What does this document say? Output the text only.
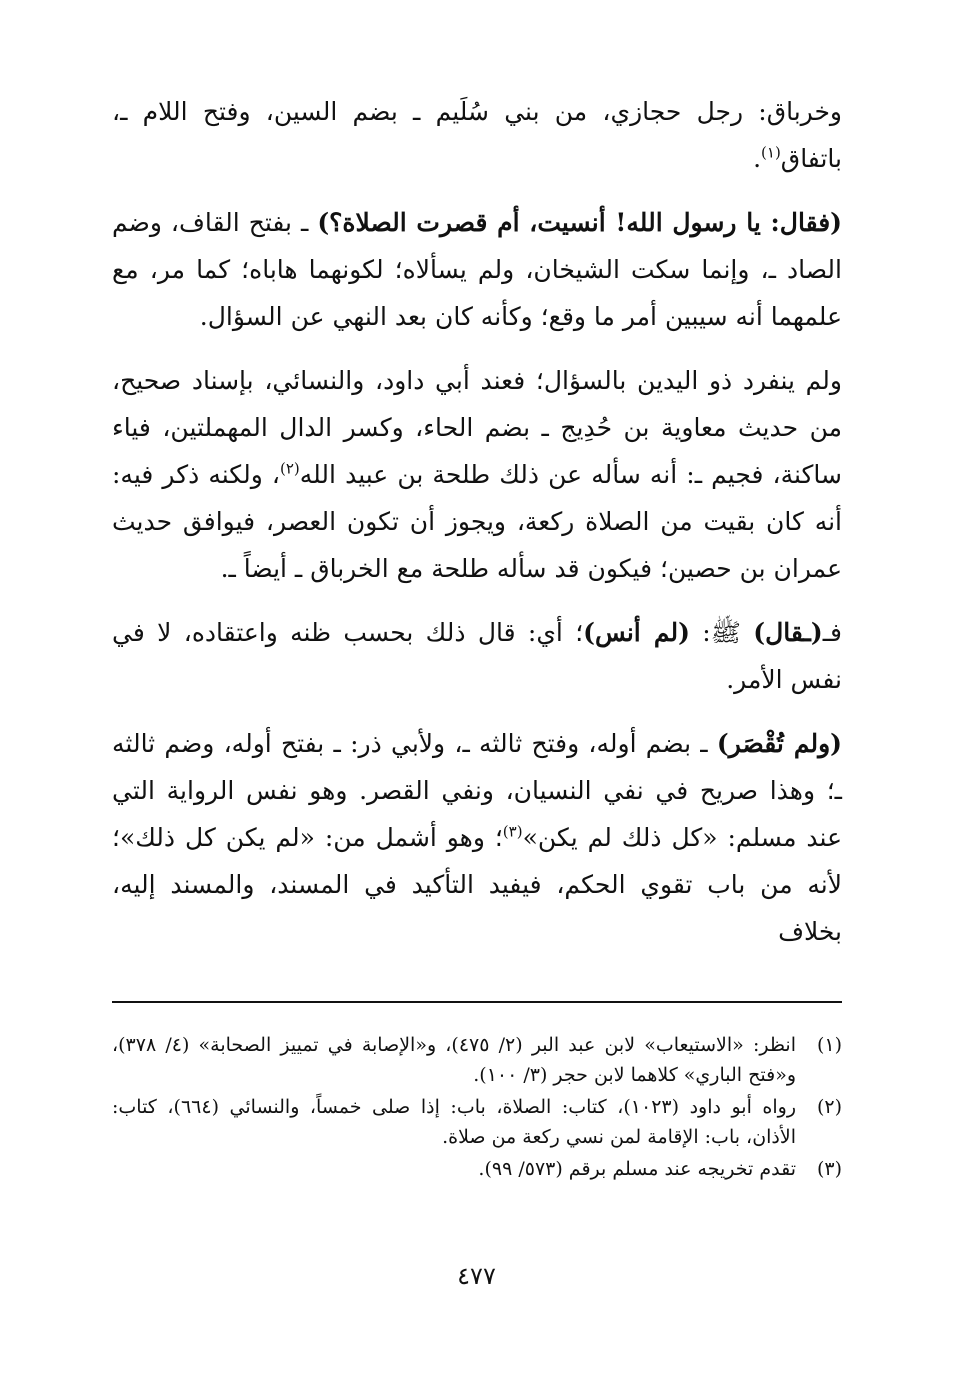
وخرباق: رجل حجازي، من بني سُلَيم ـ بضم السين، وفتح اللام ـ، باتفاق$^{(١)}$.

(فقال: يا رسول الله! أنسيت، أم قصرت الصلاة؟) ـ بفتح القاف، وضم الصاد ـ، وإنما سكت الشيخان، ولم يسألاه؛ لكونهما هاباه؛ كما مر، مع علمهما أنه سيبين أمر ما وقع؛ وكأنه كان بعد النهي عن السؤال.

ولم ينفرد ذو اليدين بالسؤال؛ فعند أبي داود، والنسائي، بإسناد صحيح، من حديث معاوية بن حُدِيج ـ بضم الحاء، وكسر الدال المهملتين، فياء ساكنة، فجيم ـ: أنه سأله عن ذلك طلحة بن عبيد الله$^{(٢)}$، ولكنه ذكر فيه: أنه كان بقيت من الصلاة ركعة، ويجوز أن تكون العصر، فيوافق حديث عمران بن حصين؛ فيكون قد سأله طلحة مع الخرباق ـ أيضاً ـ.

فـ(ـقال) ﷺ: (لم أنس)؛ أي: قال ذلك بحسب ظنه واعتقاده، لا في نفس الأمر.

(ولم تُقْصَر) ـ بضم أوله، وفتح ثالثه ـ، ولأبي ذر: ـ بفتح أوله، وضم ثالثه ـ؛ وهذا صريح في نفي النسيان، ونفي القصر. وهو نفس الرواية التي عند مسلم: «كل ذلك لم يكن»$^{(٣)}$؛ وهو أشمل من: «لم يكن كل ذلك»؛ لأنه من باب تقوي الحكم، فيفيد التأكيد في المسند، والمسند إليه، بخلاف

(١)
انظر: «الاستيعاب» لابن عبد البر (٢/ ٤٧٥)، و«الإصابة في تمييز الصحابة» (٤/ ٣٧٨)، و«فتح الباري» كلاهما لابن حجر (٣/ ١٠٠).
(٢)
رواه أبو داود (١٠٢٣)، كتاب: الصلاة، باب: إذا صلى خمساً، والنسائي (٦٦٤)، كتاب: الأذان، باب: الإقامة لمن نسي ركعة من صلاة.
(٣)
تقدم تخريجه عند مسلم برقم (٥٧٣/ ٩٩).
٤٧٧
